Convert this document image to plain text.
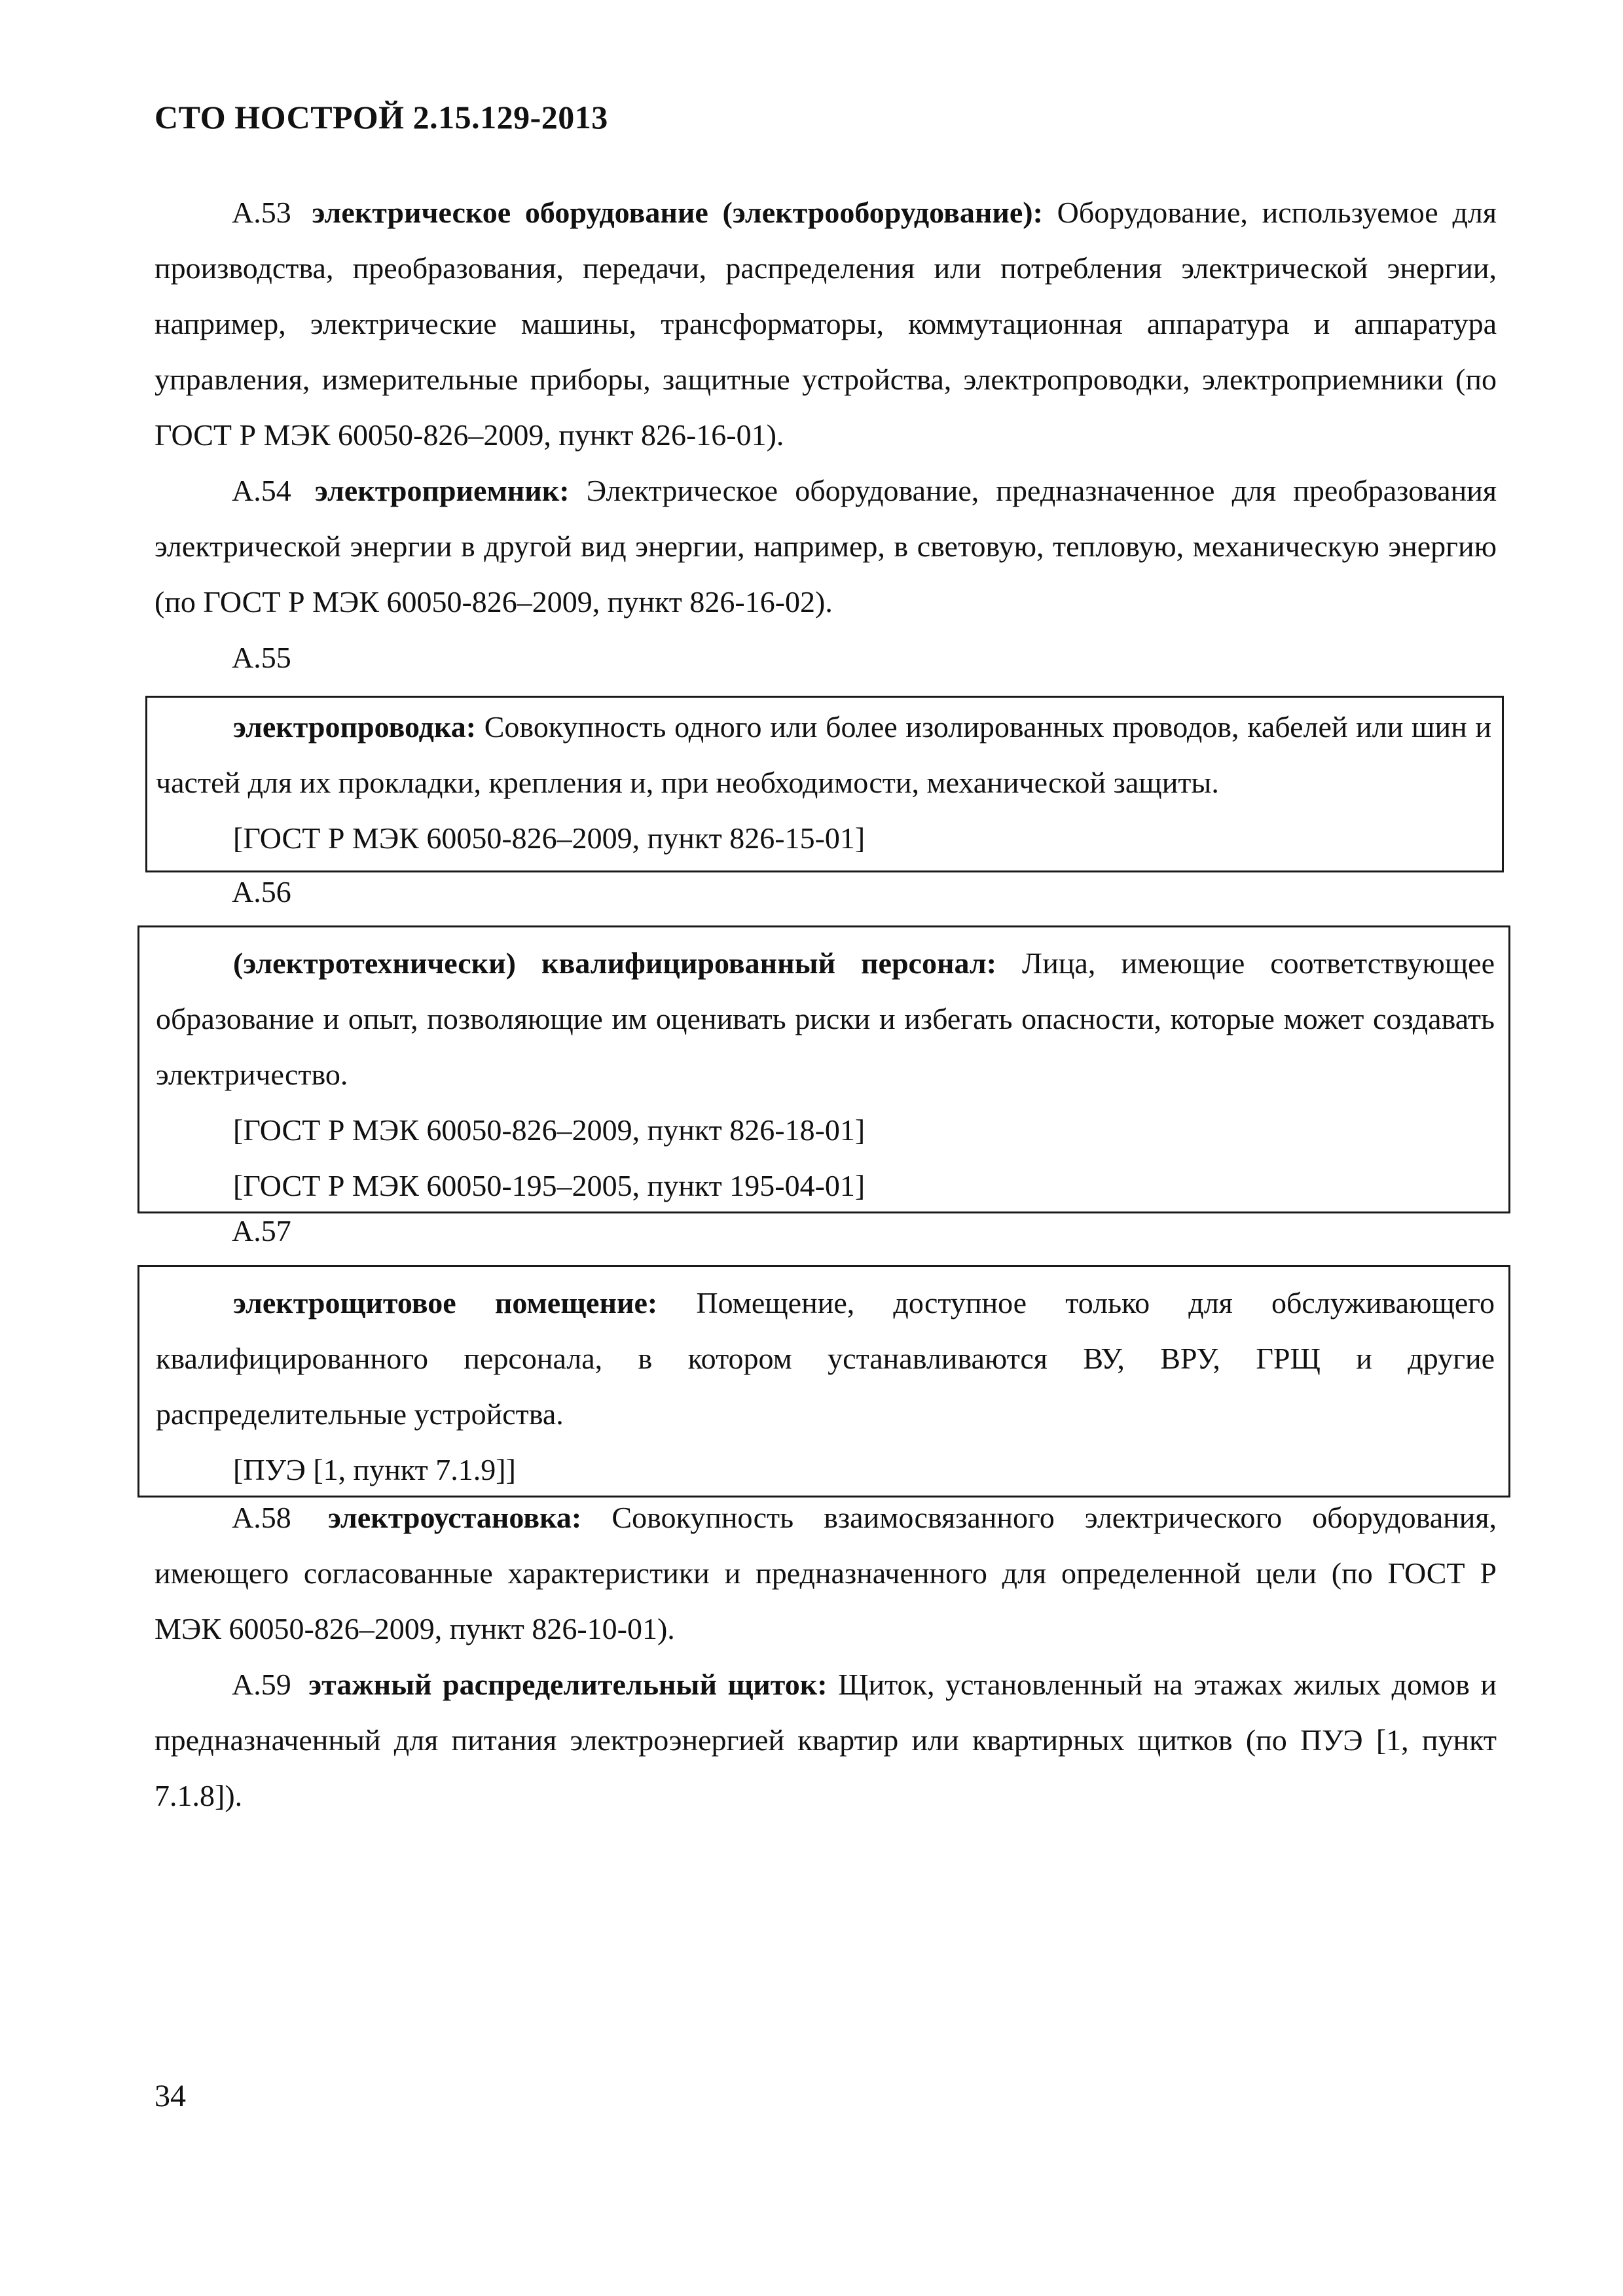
СТО НОСТРОЙ 2.15.129-2013

А.53 электрическое оборудование (электрооборудование): Оборудование, используемое для производства, преобразования, передачи, распределения или потребления электрической энергии, например, электрические машины, трансформаторы, коммутационная аппаратура и аппаратура управления, измерительные приборы, защитные устройства, электропроводки, электроприемники (по ГОСТ Р МЭК 60050-826–2009, пункт 826-16-01).

А.54 электроприемник: Электрическое оборудование, предназначенное для преобразования электрической энергии в другой вид энергии, например, в световую, тепловую, механическую энергию (по ГОСТ Р МЭК 60050-826–2009, пункт 826-16-02).

А.55

электропроводка: Совокупность одного или более изолированных проводов, кабелей или шин и частей для их прокладки, крепления и, при необходимости, механической защиты.

[ГОСТ Р МЭК 60050-826–2009, пункт 826-15-01]

А.56

(электротехнически) квалифицированный персонал: Лица, имеющие соответствующее образование и опыт, позволяющие им оценивать риски и избегать опасности, которые может создавать электричество.

[ГОСТ Р МЭК 60050-826–2009, пункт 826-18-01]

[ГОСТ Р МЭК 60050-195–2005, пункт 195-04-01]

А.57

электрощитовое помещение: Помещение, доступное только для обслуживающего квалифицированного персонала, в котором устанавливаются ВУ, ВРУ, ГРЩ и другие распределительные устройства.

[ПУЭ [1, пункт 7.1.9]]

А.58 электроустановка: Совокупность взаимосвязанного электрического оборудования, имеющего согласованные характеристики и предназначенного для определенной цели (по ГОСТ Р МЭК 60050-826–2009, пункт 826-10-01).

А.59 этажный распределительный щиток: Щиток, установленный на этажах жилых домов и предназначенный для питания электроэнергией квартир или квартирных щитков (по ПУЭ [1, пункт 7.1.8]).

34
